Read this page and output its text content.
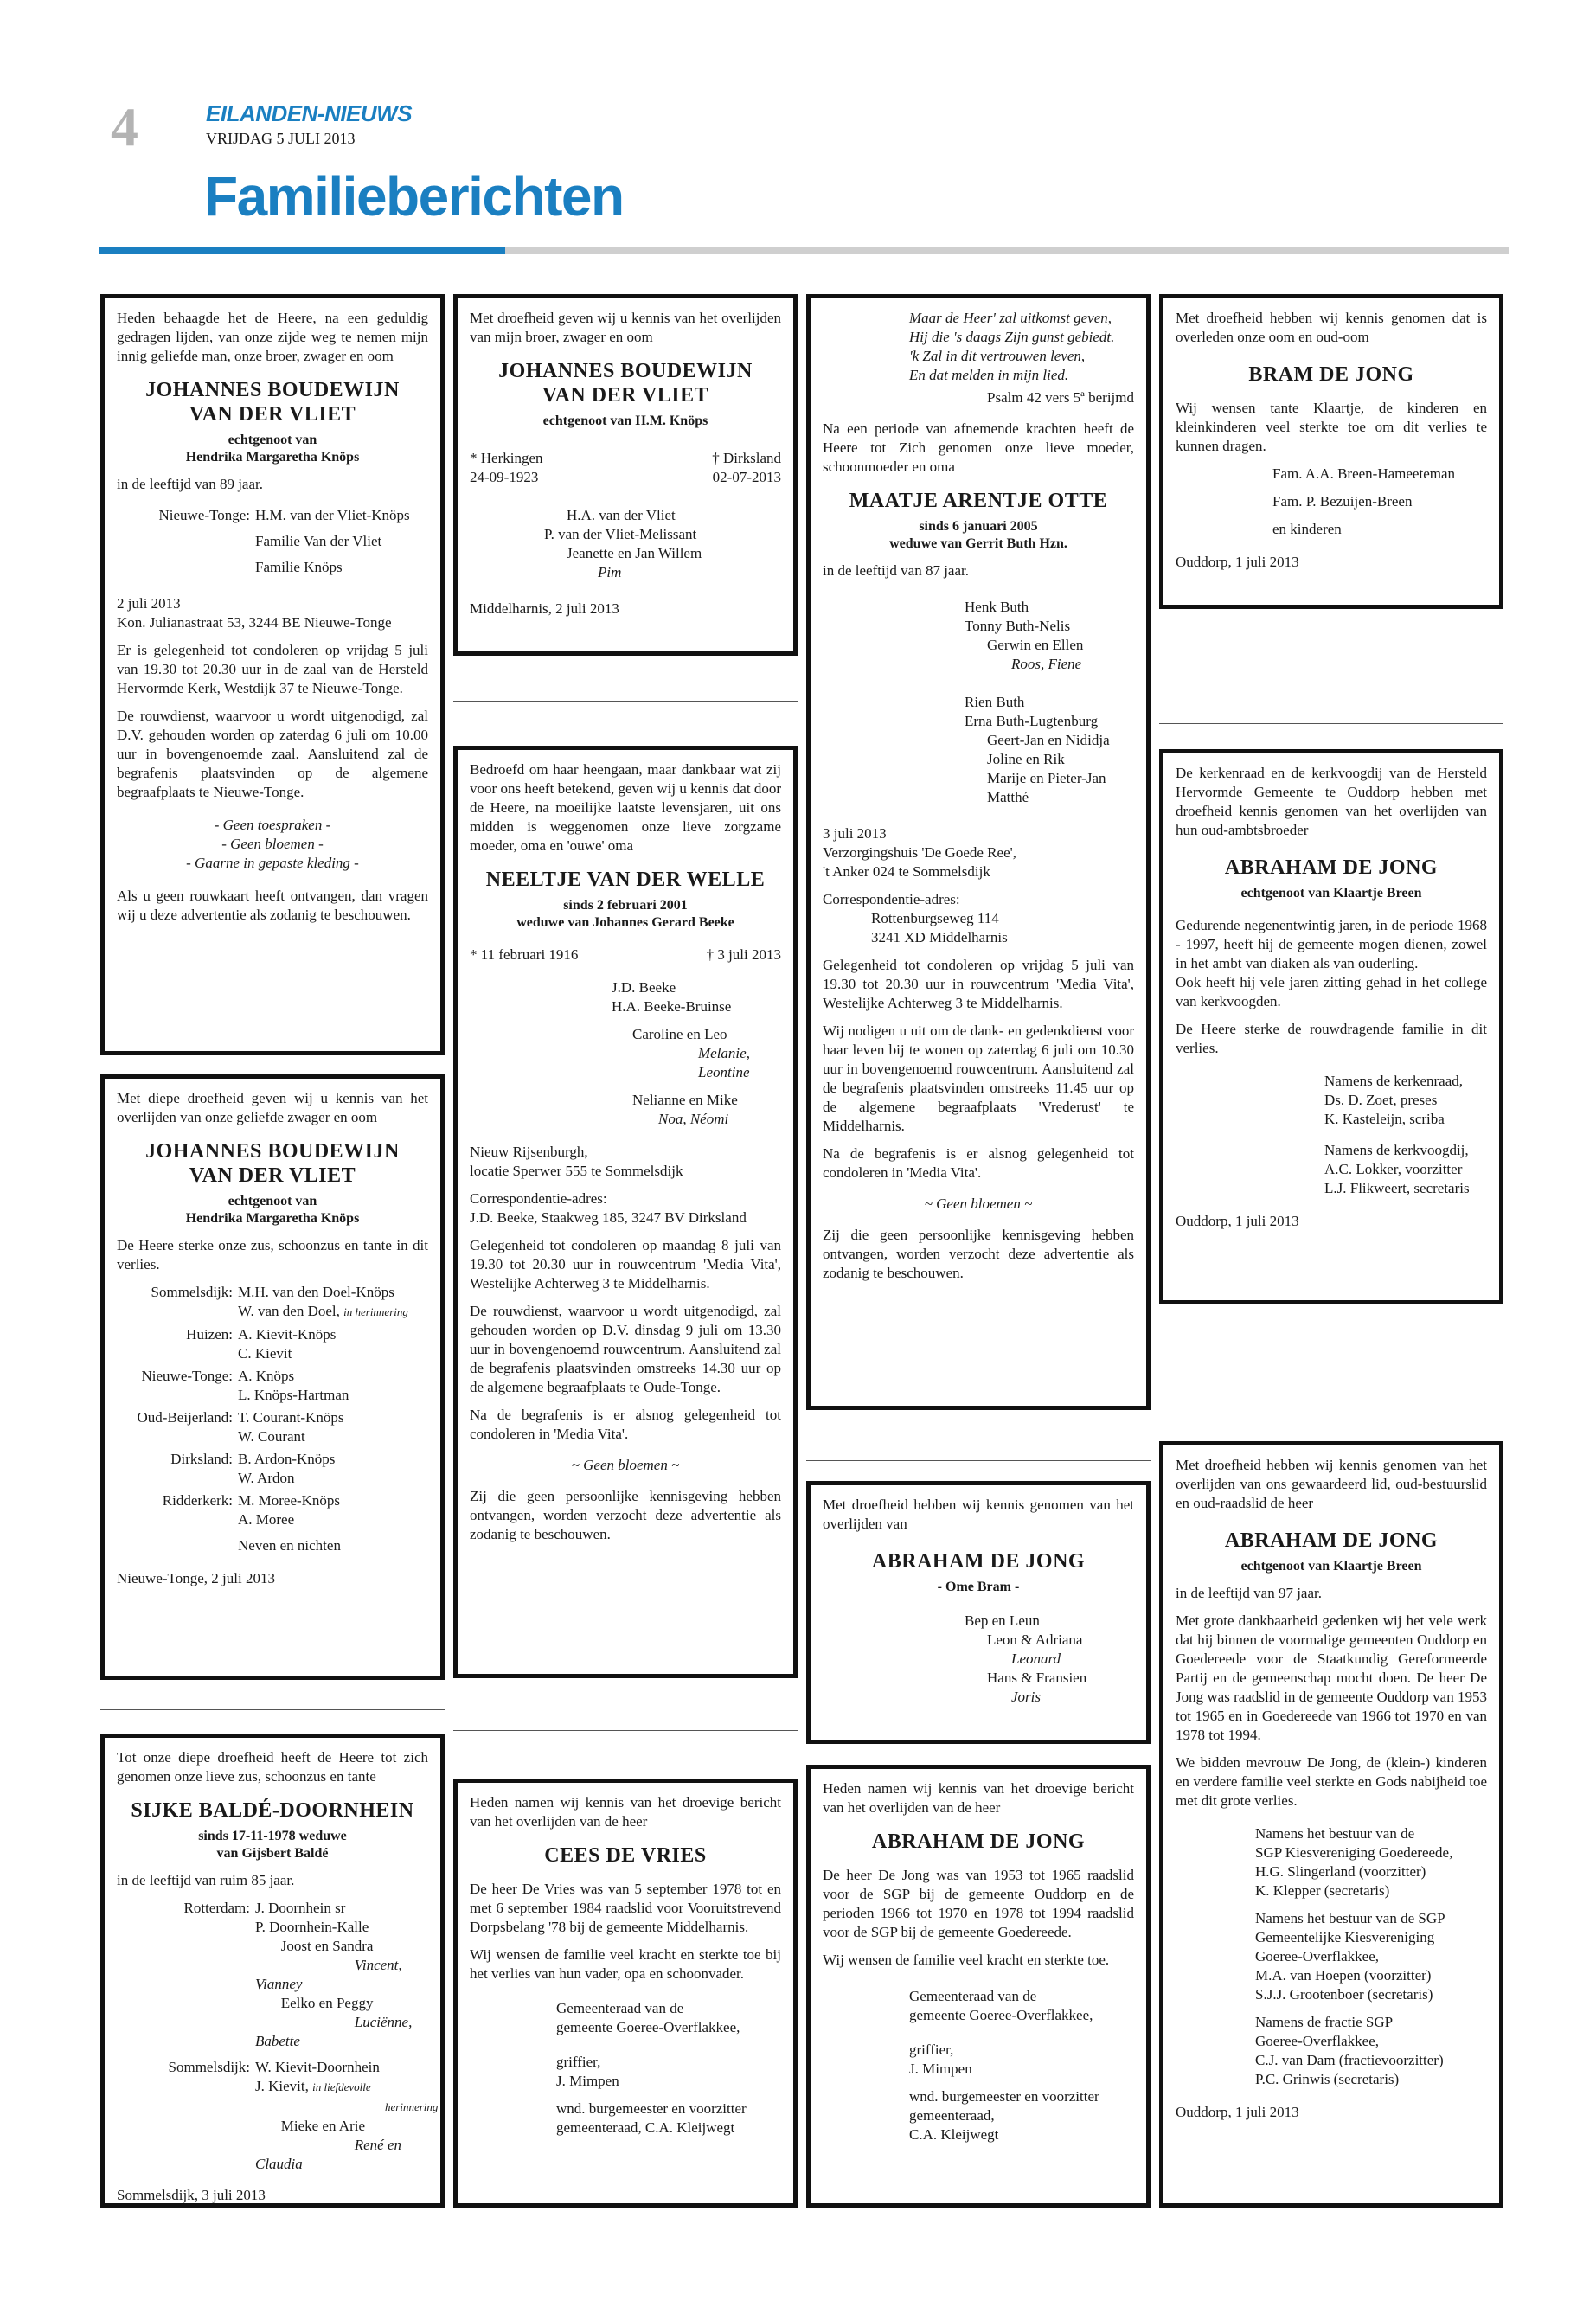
4	EILANDEN-NIEUWS
VRIJDAG 5 JULI 2013
Familieberichten

Heden behaagde het de Heere, na een geduldig gedragen lijden, van onze zijde weg te nemen mijn innig geliefde man, onze broer, zwager en oom

JOHANNES BOUDEWIJN
VAN DER VLIET
echtgenoot van
Hendrika Margaretha Knöps

in de leeftijd van 89 jaar.

Nieuwe-Tonge: H.M. van der Vliet-Knöps
Familie Van der Vliet
Familie Knöps
2 juli 2013

Kon. Julianastraat 53, 3244 BE Nieuwe-Tonge

Er is gelegenheid tot condoleren op vrijdag 5 juli van 19.30 tot 20.30 uur in de zaal van de Hersteld Hervormde Kerk, Westdijk 37 te Nieuwe-Tonge.

De rouwdienst, waarvoor u wordt uitgenodigd, zal D.V. gehouden worden op zaterdag 6 juli om 10.00 uur in bovengenoemde zaal. Aansluitend zal de begrafenis plaatsvinden op de algemene begraafplaats te Nieuwe-Tonge.

- Geen toespraken -
- Geen bloemen -
- Gaarne in gepaste kleding -

Als u geen rouwkaart heeft ontvangen, dan vragen wij u deze advertentie als zodanig te beschouwen.

Met diepe droefheid geven wij u kennis van het overlijden van onze geliefde zwager en oom

JOHANNES BOUDEWIJN
VAN DER VLIET
echtgenoot van
Hendrika Margaretha Knöps

De Heere sterke onze zus, schoonzus en tante in dit verlies.

Sommelsdijk: M.H. van den Doel-Knöps
W. van den Doel, in herinnering
Huizen: A. Kievit-Knöps
C. Kievit
Nieuwe-Tonge: A. Knöps
L. Knöps-Hartman
Oud-Beijerland: T. Courant-Knöps
W. Courant
Dirksland: B. Ardon-Knöps
W. Ardon
Ridderkerk: M. Moree-Knöps
A. Moree
Neven en nichten
Nieuwe-Tonge, 2 juli 2013

Tot onze diepe droefheid heeft de Heere tot zich genomen onze lieve zus, schoonzus en tante

SIJKE BALDÉ-DOORNHEIN
sinds 17-11-1978 weduwe
van Gijsbert Baldé

in de leeftijd van ruim 85 jaar.

Rotterdam: J. Doornhein sr
P. Doornhein-Kalle
Joost en Sandra
Vincent, Vianney
Eelko en Peggy
Luciënne, Babette
Sommelsdijk: W. Kievit-Doornhein
J. Kievit, in liefdevolle
herinnering
Mieke en Arie
René en Claudia
Sommelsdijk, 3 juli 2013

Met droefheid geven wij u kennis van het overlijden van mijn broer, zwager en oom

JOHANNES BOUDEWIJN
VAN DER VLIET
echtgenoot van H.M. Knöps
* Herkingen	† Dirksland
24-09-1923	02-07-2013
H.A. van der Vliet
P. van der Vliet-Melissant
Jeanette en Jan Willem
Pim
Middelharnis, 2 juli 2013

Bedroefd om haar heengaan, maar dankbaar wat zij voor ons heeft betekend, geven wij u kennis dat door de Heere, na moeilijke laatste levensjaren, uit ons midden is weggenomen onze lieve zorgzame moeder, oma en 'ouwe' oma

NEELTJE VAN DER WELLE
sinds 2 februari 2001
weduwe van Johannes Gerard Beeke
* 11 februari 1916	† 3 juli 2013
J.D. Beeke
H.A. Beeke-Bruinse
Caroline en Leo
Melanie, Leontine
Nelianne en Mike
Noa, Néomi
Nieuw Rijsenburgh,

locatie Sperwer 555 te Sommelsdijk

Correspondentie-adres:

J.D. Beeke, Staakweg 185, 3247 BV Dirksland

Gelegenheid tot condoleren op maandag 8 juli van 19.30 tot 20.30 uur in rouwcentrum 'Media Vita', Westelijke Achterweg 3 te Middelharnis.

De rouwdienst, waarvoor u wordt uitgenodigd, zal gehouden worden op D.V. dinsdag 9 juli om 13.30 uur in bovengenoemd rouwcentrum. Aansluitend zal de begrafenis plaatsvinden omstreeks 14.30 uur op de algemene begraafplaats te Oude-Tonge.

Na de begrafenis is er alsnog gelegenheid tot condoleren in 'Media Vita'.

~ Geen bloemen ~

Zij die geen persoonlijke kennisgeving hebben ontvangen, worden verzocht deze advertentie als zodanig te beschouwen.

Heden namen wij kennis van het droevige bericht van het overlijden van de heer

CEES DE VRIES

De heer De Vries was van 5 september 1978 tot en met 6 september 1984 raadslid voor Vooruitstrevend Dorpsbelang '78 bij de gemeente Middelharnis.

Wij wensen de familie veel kracht en sterkte toe bij het verlies van hun vader, opa en schoonvader.

Gemeenteraad van de
gemeente Goeree-Overflakkee,
griffier,
J. Mimpen
wnd. burgemeester en voorzitter
gemeenteraad, C.A. Kleijwegt
Maar de Heer' zal uitkomst geven,
Hij die 's daags Zijn gunst gebiedt.
'k Zal in dit vertrouwen leven,
En dat melden in mijn lied.

Psalm 42 vers 5ª berijmd

Na een periode van afnemende krachten heeft de Heere tot Zich genomen onze lieve moeder, schoonmoeder en oma

MAATJE ARENTJE OTTE
sinds 6 januari 2005
weduwe van Gerrit Buth Hzn.

in de leeftijd van 87 jaar.

Henk Buth
Tonny Buth-Nelis
Gerwin en Ellen
Roos, Fiene
Rien Buth
Erna Buth-Lugtenburg
Geert-Jan en Nididja
Joline en Rik
Marije en Pieter-Jan
Matthé
3 juli 2013
Verzorgingshuis 'De Goede Ree',

't Anker 024 te Sommelsdijk

Correspondentie-adres:
Rottenburgseweg 114

3241 XD Middelharnis

Gelegenheid tot condoleren op vrijdag 5 juli van 19.30 tot 20.30 uur in rouwcentrum 'Media Vita', Westelijke Achterweg 3 te Middelharnis.

Wij nodigen u uit om de dank- en gedenkdienst voor haar leven bij te wonen op zaterdag 6 juli om 10.30 uur in bovengenoemd rouwcentrum. Aansluitend zal de begrafenis plaatsvinden omstreeks 11.45 uur op de algemene begraafplaats 'Vrederust' te Middelharnis.

Na de begrafenis is er alsnog gelegenheid tot condoleren in 'Media Vita'.

~ Geen bloemen ~

Zij die geen persoonlijke kennisgeving hebben ontvangen, worden verzocht deze advertentie als zodanig te beschouwen.

Met droefheid hebben wij kennis genomen van het overlijden van

ABRAHAM DE JONG
- Ome Bram -
Bep en Leun
Leon & Adriana
Leonard
Hans & Fransien
Joris

Heden namen wij kennis van het droevige bericht van het overlijden van de heer

ABRAHAM DE JONG

De heer De Jong was van 1953 tot 1965 raadslid voor de SGP bij de gemeente Ouddorp en de perioden 1966 tot 1970 en 1978 tot 1994 raadslid voor de SGP bij de gemeente Goedereede.

Wij wensen de familie veel kracht en sterkte toe.

Gemeenteraad van de
gemeente Goeree-Overflakkee,
griffier,
J. Mimpen
wnd. burgemeester en voorzitter
gemeenteraad,
C.A. Kleijwegt

Met droefheid hebben wij kennis genomen dat is overleden onze oom en oud-oom

BRAM DE JONG

Wij wensen tante Klaartje, de kinderen en kleinkinderen veel sterkte toe om dit verlies te kunnen dragen.

Fam. A.A. Breen-Hameeteman
Fam. P. Bezuijen-Breen
en kinderen
Ouddorp, 1 juli 2013

De kerkenraad en de kerkvoogdij van de Hersteld Hervormde Gemeente te Ouddorp hebben met droefheid kennis genomen van het overlijden van hun oud-ambtsbroeder

ABRAHAM DE JONG
echtgenoot van Klaartje Breen
Gedurende negenentwintig jaren, in de periode 1968 - 1997, heeft hij de gemeente mogen dienen, zowel in het ambt van diaken als van ouderling.

Ook heeft hij vele jaren zitting gehad in het college van kerkvoogden.

De Heere sterke de rouwdragende familie in dit verlies.

Namens de kerkenraad,
Ds. D. Zoet, preses
K. Kasteleijn, scriba
Namens de kerkvoogdij,
A.C. Lokker, voorzitter
L.J. Flikweert, secretaris
Ouddorp, 1 juli 2013

Met droefheid hebben wij kennis genomen van het overlijden van ons gewaardeerd lid, oud-bestuurslid en oud-raadslid de heer

ABRAHAM DE JONG
echtgenoot van Klaartje Breen

in de leeftijd van 97 jaar.

Met grote dankbaarheid gedenken wij het vele werk dat hij binnen de voormalige gemeenten Ouddorp en Goedereede voor de Staatkundig Gereformeerde Partij en de gemeenschap mocht doen. De heer De Jong was raadslid in de gemeente Ouddorp van 1953 tot 1965 en in Goedereede van 1966 tot 1970 en van 1978 tot 1994.

We bidden mevrouw De Jong, de (klein-) kinderen en verdere familie veel sterkte en Gods nabijheid toe met dit grote verlies.

Namens het bestuur van de
SGP Kiesvereniging Goedereede,
H.G. Slingerland (voorzitter)
K. Klepper (secretaris)
Namens het bestuur van de SGP
Gemeentelijke Kiesvereniging
Goeree-Overflakkee,
M.A. van Hoepen (voorzitter)
S.J.J. Grootenboer (secretaris)
Namens de fractie SGP
Goeree-Overflakkee,
C.J. van Dam (fractievoorzitter)
P.C. Grinwis (secretaris)
Ouddorp, 1 juli 2013
